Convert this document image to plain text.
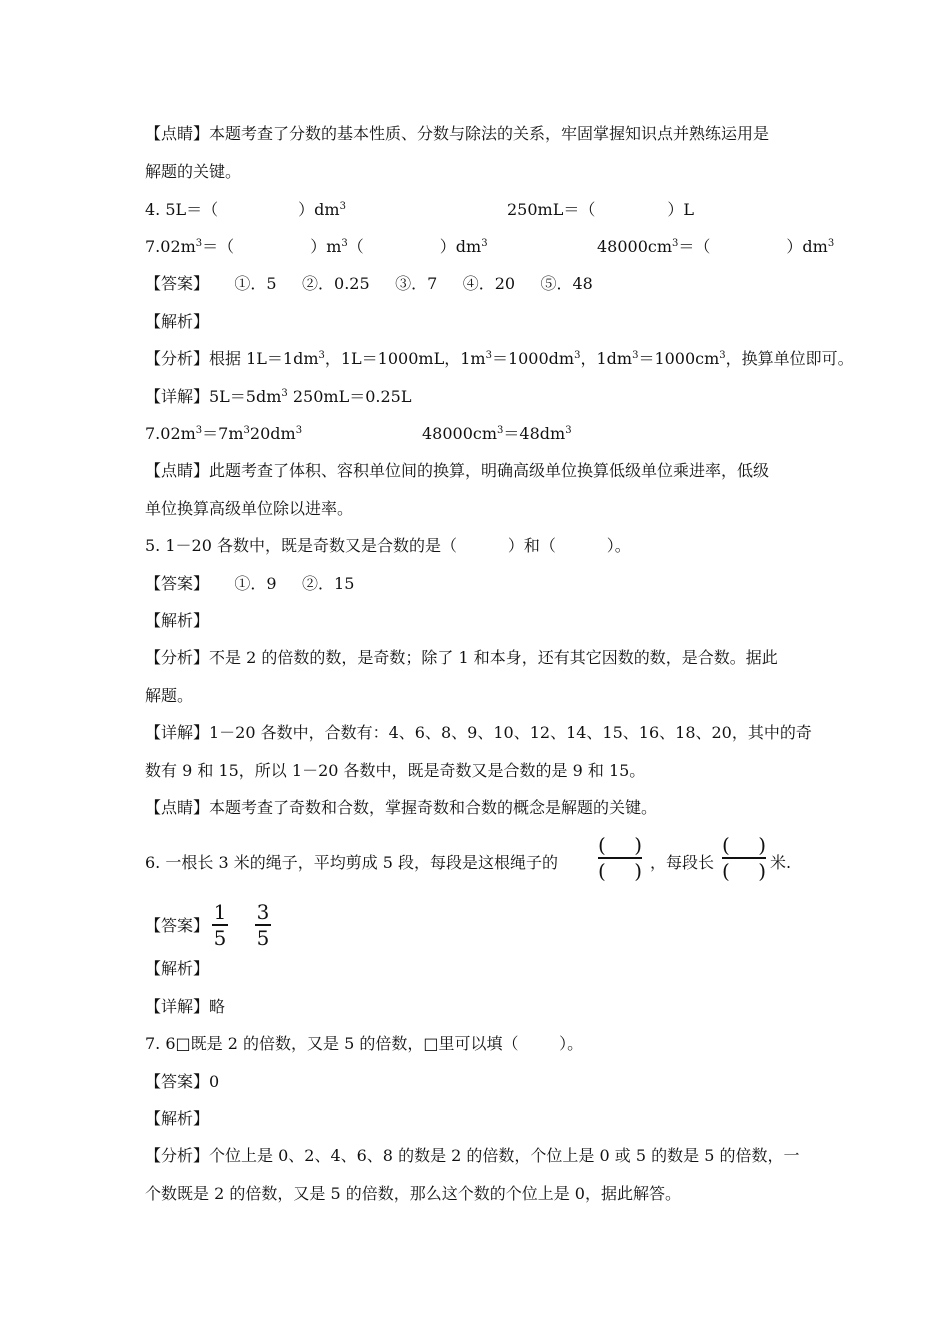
【点睛】本题考查了分数的基本性质、分数与除法的关系，牢固掌握知识点并熟练运用是
解题的关键。
4. 5L＝（	）$dm^3$	250mL＝（	）L
$7.02m^3=$（	）$m^3$（	）$dm^3$	$48000cm^3=$（	）$dm^3$
【答案】     ①．5     ②．0.25     ③．7     ④．20     ⑤．48
【解析】
【分析】根据 $1L=1dm^3$，1L＝1000mL，$1m^3=1000dm^3$，$1dm^3=1000cm^3$，换算单位即可。
【详解】$5L=5dm^3$ 250mL＝0.25L
$7.02m^3=7m^320dm^3$	$48000cm^3=48dm^3$
【点睛】此题考查了体积、容积单位间的换算，明确高级单位换算低级单位乘进率，低级
单位换算高级单位除以进率。
5. 1－20 各数中，既是奇数又是合数的是（          ）和（          ）。
【答案】     ①．9     ②．15
【解析】
【分析】不是 2 的倍数的数，是奇数；除了 1 和本身，还有其它因数的数，是合数。据此
解题。
【详解】1－20 各数中，合数有：4、6、8、9、10、12、14、15、16、18、20，其中的奇
数有 9 和 15，所以 1－20 各数中，既是奇数又是合数的是 9 和 15。
【点睛】本题考查了奇数和合数，掌握奇数和合数的概念是解题的关键。
6. 一根长 3 米的绳子，平均剪成 5 段，每段是这根绳子的
( )
( ) ，每段长
( )
( ) 米.
【答案】
1
5
3
5
【解析】
【详解】略
7. 6□既是 2 的倍数，又是 5 的倍数，□里可以填（        ）。
【答案】0
【解析】
【分析】个位上是 0、2、4、6、8 的数是 2 的倍数，个位上是 0 或 5 的数是 5 的倍数，一
个数既是 2 的倍数，又是 5 的倍数，那么这个数的个位上是 0，据此解答。
